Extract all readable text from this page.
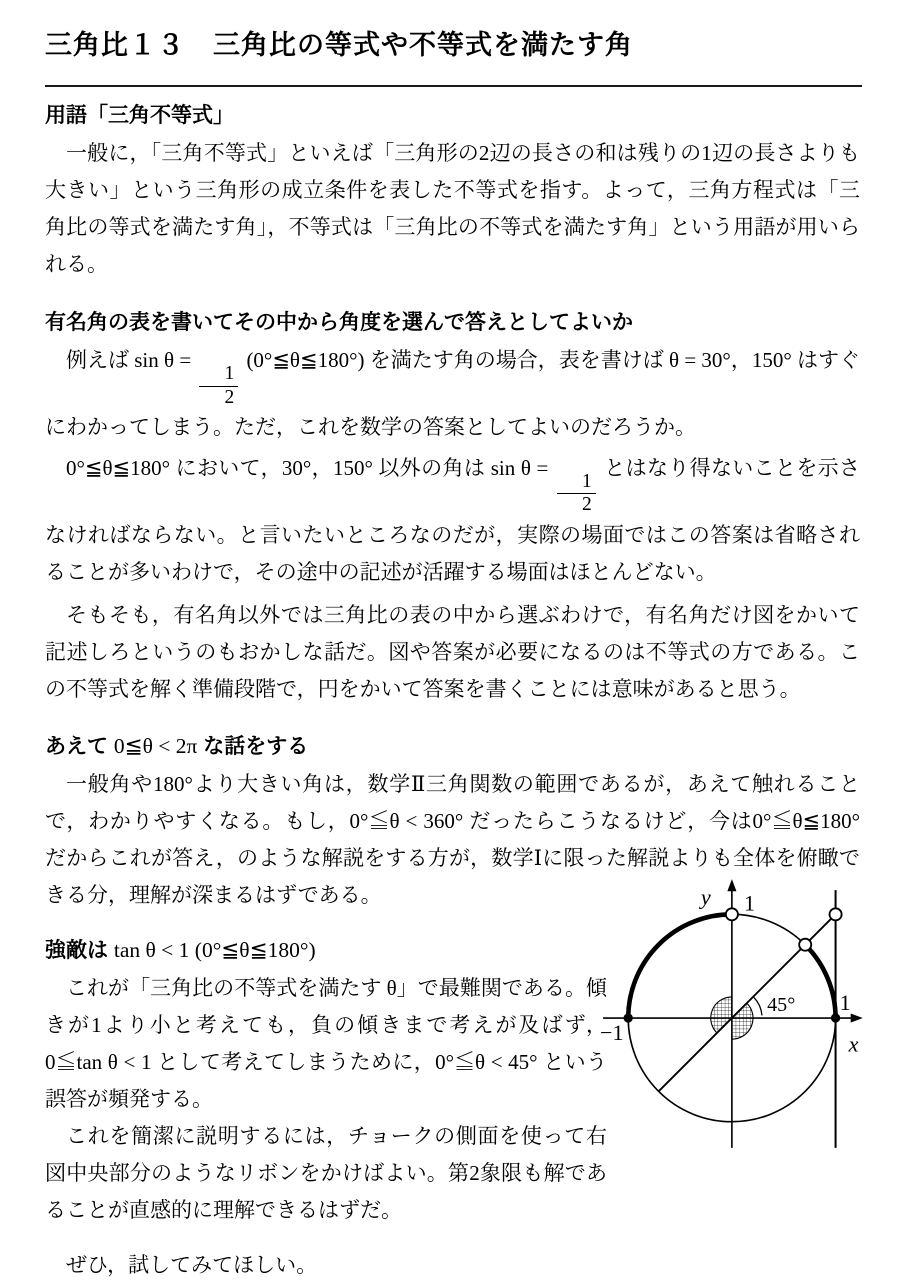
三角比１３　三角比の等式や不等式を満たす角
用語「三角不等式」

一般に，「三角不等式」といえば「三角形の2辺の長さの和は残りの1辺の長さよりも大きい」という三角形の成立条件を表した不等式を指す。よって，三角方程式は「三角比の等式を満たす角」，不等式は「三角比の不等式を満たす角」という用語が用いられる。

有名角の表を書いてその中から角度を選んで答えとしてよいか

例えば sin θ =
$\frac{1}{2}$
(0°≦θ≦180°) を満たす角の場合，表を書けば θ = 30°，150° はすぐにわかってしまう。ただ，これを数学の答案としてよいのだろうか。

0°≦θ≦180° において，30°，150° 以外の角は sin θ =
$\frac{1}{2}$
とはなり得ないことを示さなければならない。と言いたいところなのだが，実際の場面ではこの答案は省略されることが多いわけで，その途中の記述が活躍する場面はほとんどない。

そもそも，有名角以外では三角比の表の中から選ぶわけで，有名角だけ図をかいて記述しろというのもおかしな話だ。図や答案が必要になるのは不等式の方である。この不等式を解く準備段階で，円をかいて答案を書くことには意味があると思う。

あえて 0≦θ < 2π な話をする

一般角や180°より大きい角は，数学Ⅱ三角関数の範囲であるが，あえて触れることで，わかりやすくなる。もし，0°≦θ < 360° だったらこうなるけど，今は0°≦θ≦180° だからこれが答え，のような解説をする方が，数学Ⅰに限った解説よりも全体を俯瞰できる分，理解が深まるはずである。

強敵は tan θ < 1 (0°≦θ≦180°)

これが「三角比の不等式を満たす θ」で最難関である。傾きが1より小と考えても，負の傾きまで考えが及ばず，0≦tan θ < 1 として考えてしまうために，0°≦θ < 45° という誤答が頻発する。

これを簡潔に説明するには，チョークの側面を使って右図中央部分のようなリボンをかけばよい。第2象限も解であることが直感的に理解できるはずだ。

ぜひ，試してみてほしい。

y 1
−1
1
x
45°
